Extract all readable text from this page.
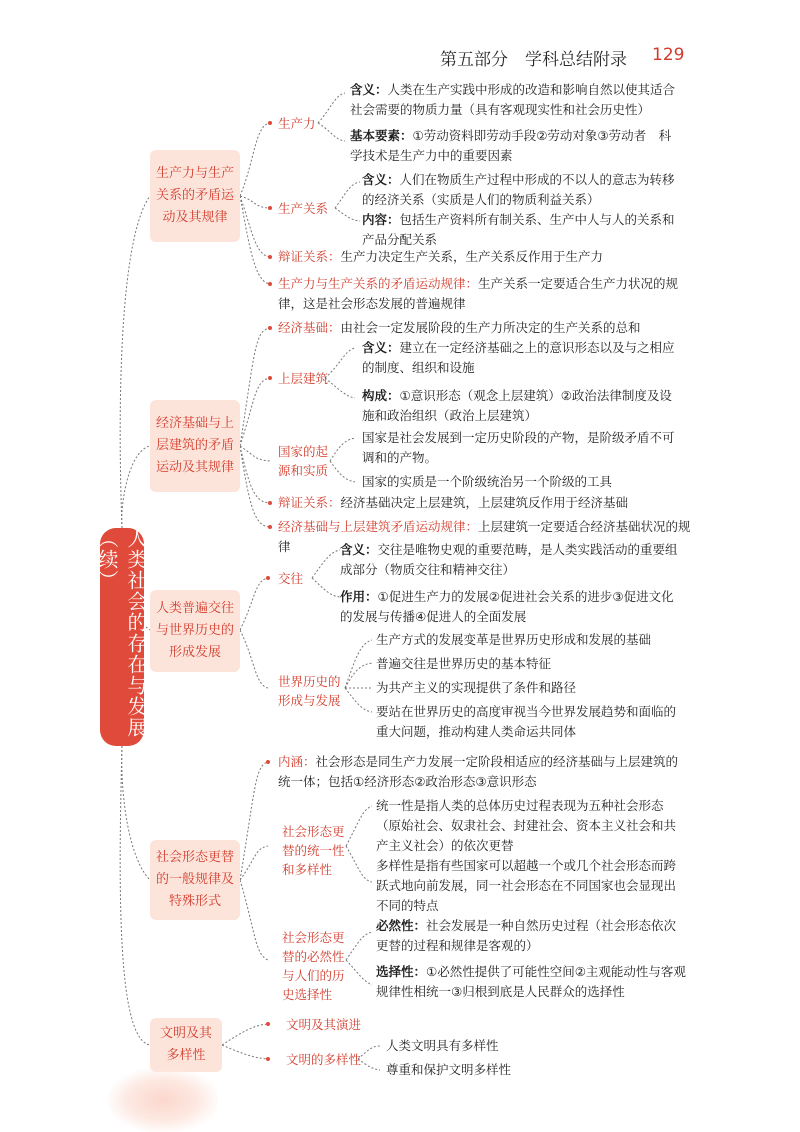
第五部分　学科总结附录 129
人类社会的存在与发展（续）
生产力与生产关系的矛盾运动及其规律
经济基础与上层建筑的矛盾运动及其规律
人类普遍交往与世界历史的形成发展
社会形态更替的一般规律及特殊形式
文明及其多样性
生产力
含义：人类在生产实践中形成的改造和影响自然以使其适合社会需要的物质力量（具有客观现实性和社会历史性）
基本要素：①劳动资料即劳动手段②劳动对象③劳动者　科学技术是生产力中的重要因素
生产关系
含义：人们在物质生产过程中形成的不以人的意志为转移的经济关系（实质是人们的物质利益关系）
内容：包括生产资料所有制关系、生产中人与人的关系和产品分配关系
辩证关系：生产力决定生产关系，生产关系反作用于生产力
生产力与生产关系的矛盾运动规律：生产关系一定要适合生产力状况的规律，这是社会形态发展的普遍规律
经济基础：由社会一定发展阶段的生产力所决定的生产关系的总和
上层建筑
含义：建立在一定经济基础之上的意识形态以及与之相应的制度、组织和设施
构成：①意识形态（观念上层建筑）②政治法律制度及设施和政治组织（政治上层建筑）
国家的起源和实质
国家是社会发展到一定历史阶段的产物，是阶级矛盾不可调和的产物。
国家的实质是一个阶级统治另一个阶级的工具
辩证关系：经济基础决定上层建筑，上层建筑反作用于经济基础
经济基础与上层建筑矛盾运动规律：上层建筑一定要适合经济基础状况的规律
交往
含义：交往是唯物史观的重要范畴，是人类实践活动的重要组成部分（物质交往和精神交往）
作用：①促进生产力的发展②促进社会关系的进步③促进文化的发展与传播④促进人的全面发展
世界历史的形成与发展
生产方式的发展变革是世界历史形成和发展的基础
普遍交往是世界历史的基本特征
为共产主义的实现提供了条件和路径
要站在世界历史的高度审视当今世界发展趋势和面临的重大问题，推动构建人类命运共同体
内涵：社会形态是同生产力发展一定阶段相适应的经济基础与上层建筑的统一体；包括①经济形态②政治形态③意识形态
社会形态更替的统一性和多样性
统一性是指人类的总体历史过程表现为五种社会形态（原始社会、奴隶社会、封建社会、资本主义社会和共产主义社会）的依次更替
多样性是指有些国家可以超越一个或几个社会形态而跨跃式地向前发展，同一社会形态在不同国家也会显现出不同的特点
社会形态更替的必然性与人们的历史选择性
必然性：社会发展是一种自然历史过程（社会形态依次更替的过程和规律是客观的）
选择性：①必然性提供了可能性空间②主观能动性与客观规律性相统一③归根到底是人民群众的选择性
文明及其演进
文明的多样性
人类文明具有多样性
尊重和保护文明多样性
